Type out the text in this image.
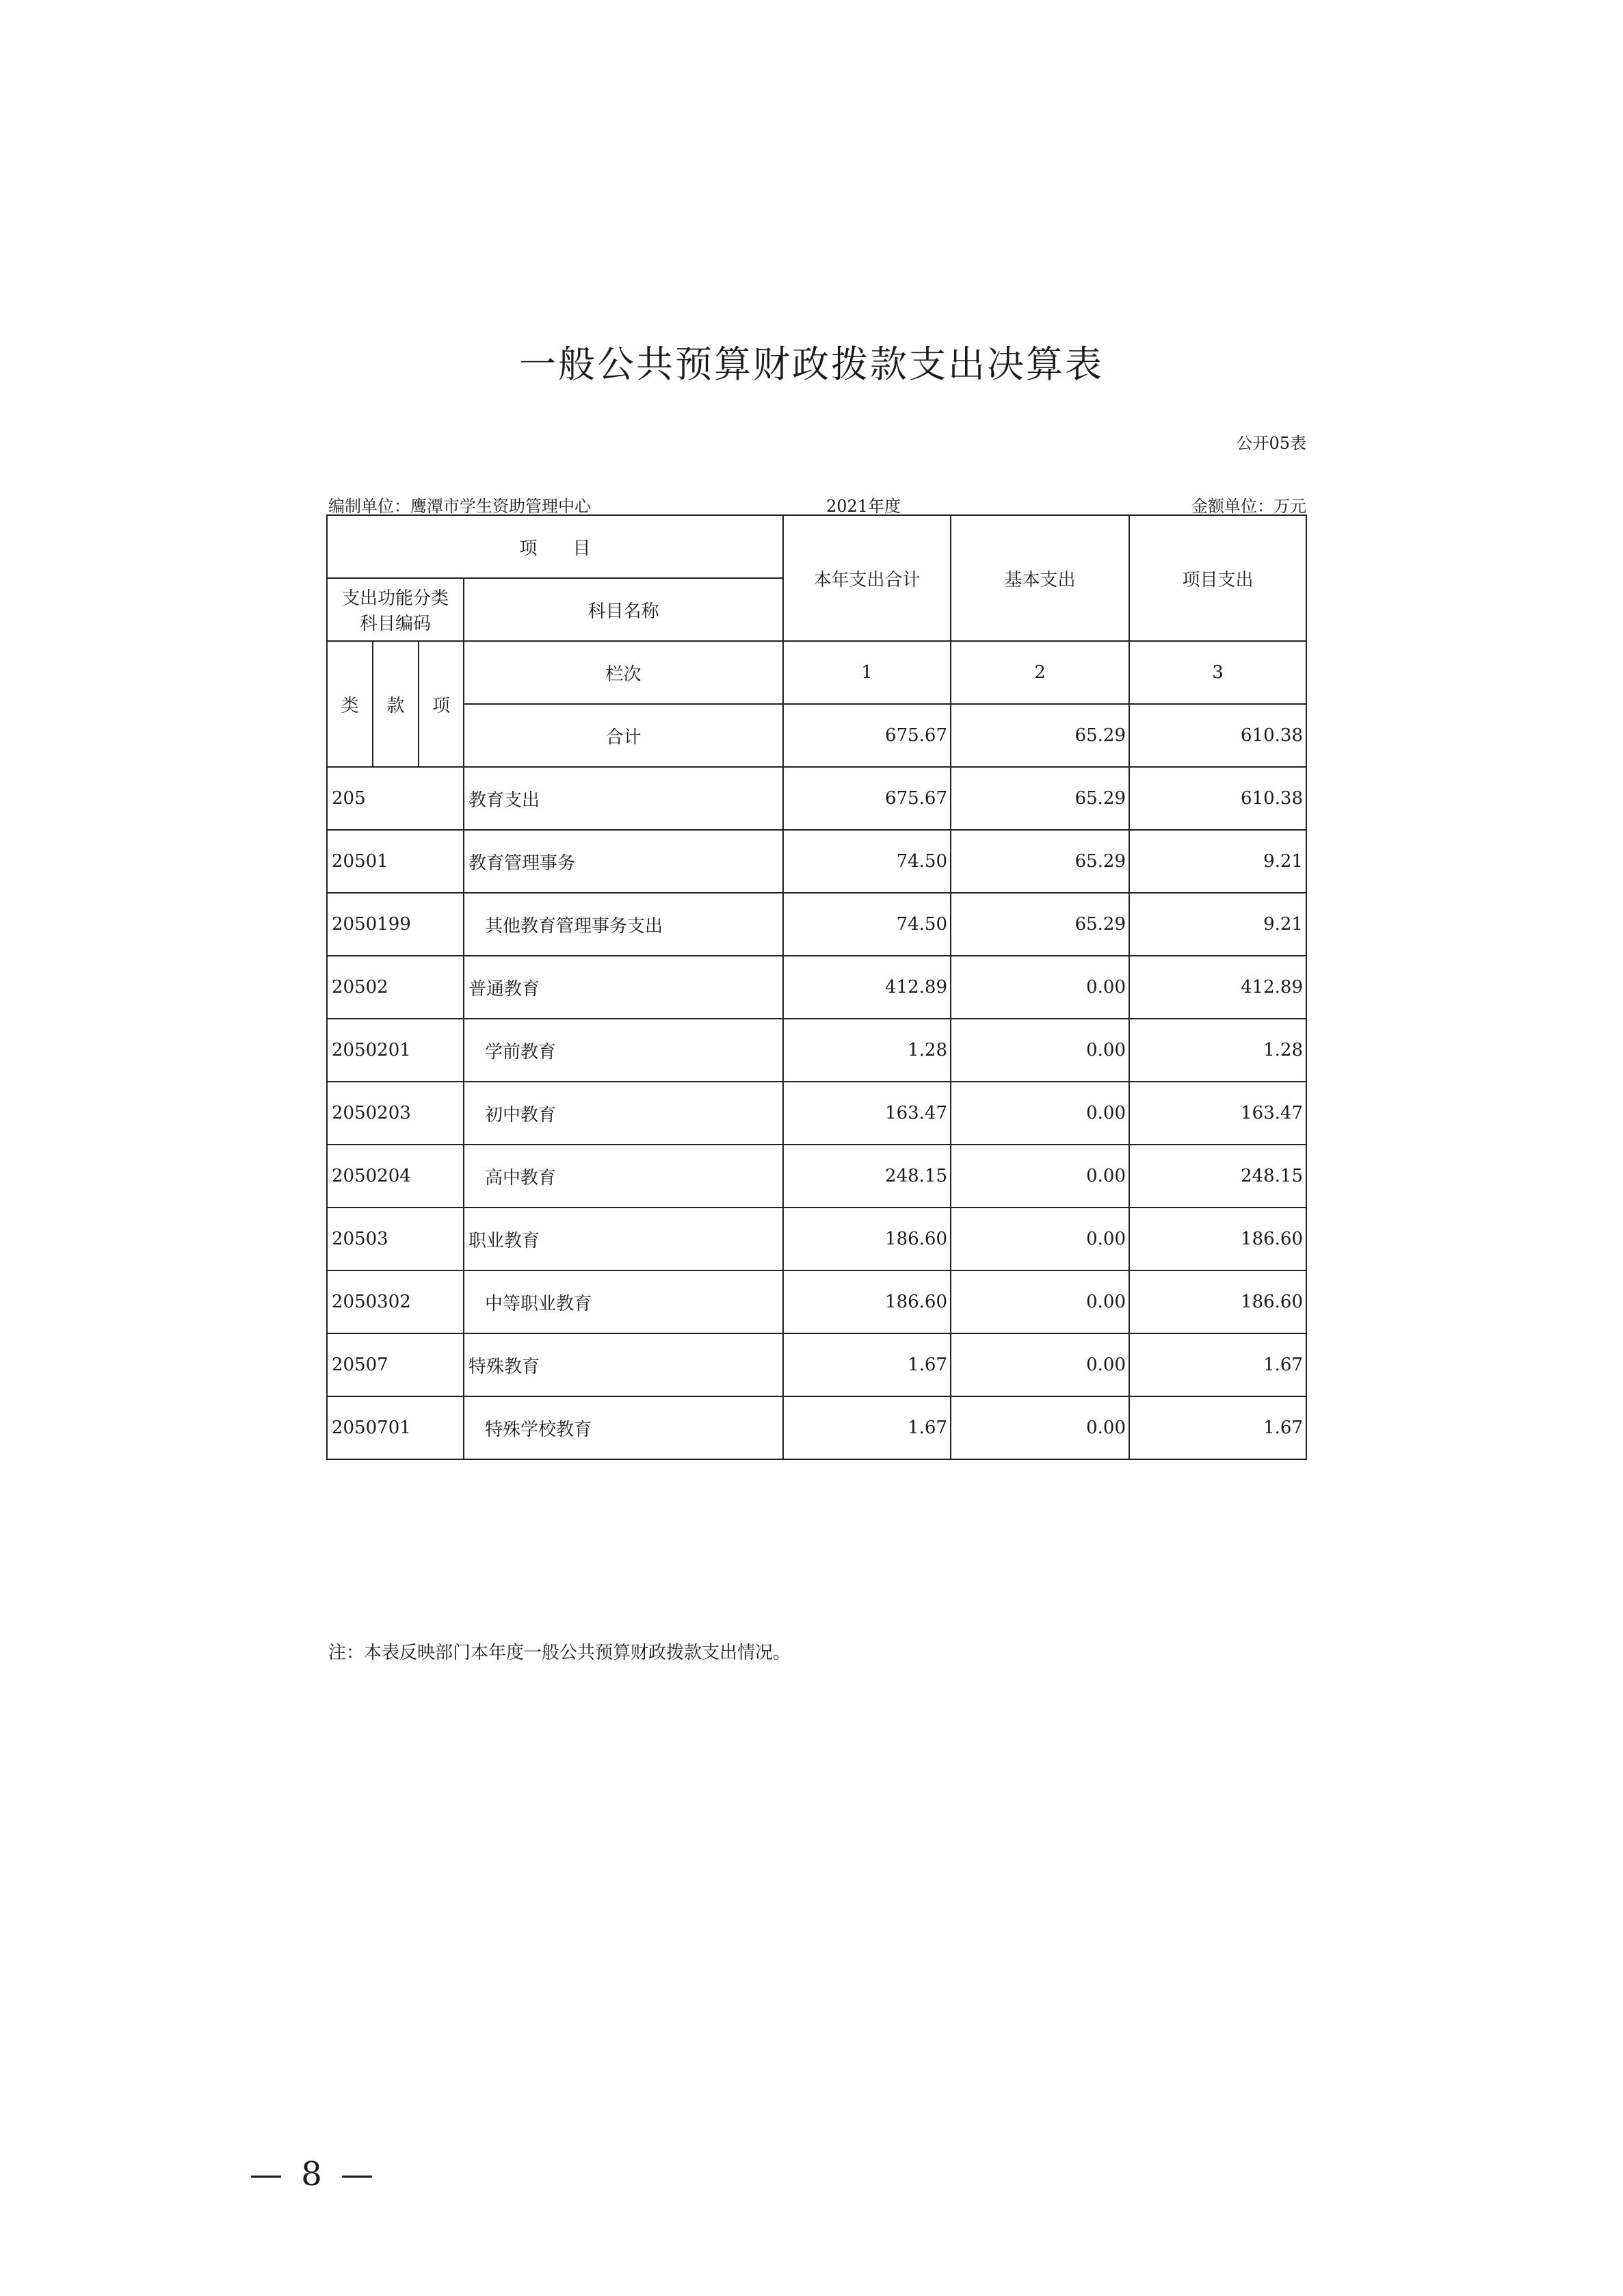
一般公共预算财政拨款支出决算表
公开05表
编制单位：鹰潭市学生资助管理中心	2021年度	金额单位：万元
项　　目				本年支出合计	基本支出	项目支出
支出功能分类
科目编码			科目名称			
类	款	项	栏次	1	2	3
			合计	675.67	65.29	610.38
205			教育支出	675.67	65.29	610.38
20501			教育管理事务	74.50	65.29	9.21
2050199			其他教育管理事务支出	74.50	65.29	9.21
20502			普通教育	412.89	0.00	412.89
2050201			学前教育	1.28	0.00	1.28
2050203			初中教育	163.47	0.00	163.47
2050204			高中教育	248.15	0.00	248.15
20503			职业教育	186.60	0.00	186.60
2050302			中等职业教育	186.60	0.00	186.60
20507			特殊教育	1.67	0.00	1.67
2050701			特殊学校教育	1.67	0.00	1.67
注：本表反映部门本年度一般公共预算财政拨款支出情况。
— 8 —
